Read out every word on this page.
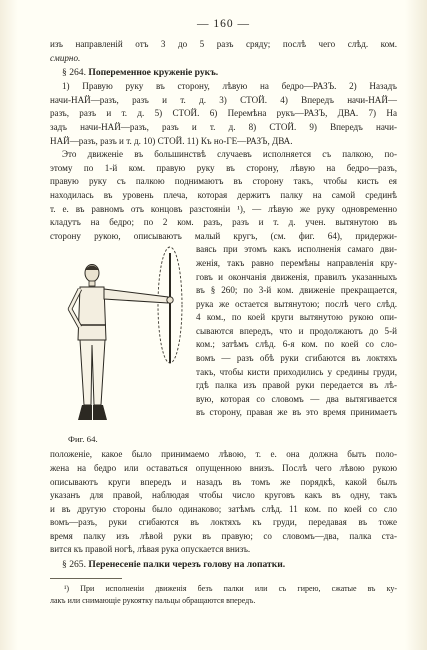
— 160 —
изъ направленій отъ 3 до 5 разъ сряду; послѣ чего слѣд. ком.
смирно.
§ 264. Попеременное круженіе рукъ.
1) Правую руку въ сторону, лѣвую на бедро—РАЗЪ. 2) Назадъ
начи-НАЙ—разъ, разъ и т. д. 3) СТОЙ. 4) Впередъ начи-НАЙ—
разъ, разъ и т. д. 5) СТОЙ. 6) Перемѣна рукъ—РАЗЪ, ДВА. 7) На
задъ начи-НАЙ—разъ, разъ и т. д. 8) СТОЙ. 9) Впередъ начи-
НАЙ—разъ, разъ и т. д. 10) СТОЙ. 11) Къ но-ГЕ—РАЗЪ, ДВА.
Это движеніе въ большинствѣ случаевъ исполняется съ палкою, по-
этому по 1-й ком. правую руку въ сторону, лѣвую на бедро—разъ,
правую руку съ палкою поднимаютъ въ сторону такъ, чтобы кисть ея
находилась въ уровень плеча, которая держитъ палку на самой срединѣ
т. е. въ равномъ отъ концовъ разстояніи ¹), — лѣвую же руку одновременно
кладутъ на бедро; по 2 ком. разъ, разъ и т. д. учен. вытянутою въ
сторону рукою, описываютъ малый кругъ, (см. фиг. 64), придержи-
Фиг. 64.
ваясь при этомъ какъ исполненія самаго дви-
женія, такъ равно перемѣны направленія кру-
говъ и окончанія движенія, правилъ указанныхъ
въ § 260; по 3-й ком. движеніе прекращается,
рука же остается вытянутою; послѣ чего слѣд.
4 ком., по коей круги вытянутою рукою опи-
сываются впередъ, что и продолжаютъ до 5-й
ком.; затѣмъ слѣд. 6-я ком. по коей со сло-
вомъ — разъ обѣ руки сгибаются въ локтяхъ
такъ, чтобы кисти приходились у средины груди,
гдѣ палка изъ правой руки передается въ лѣ-
вую, которая со словомъ — два вытягивается
въ сторону, правая же въ это время принимаетъ
положеніе, какое было принимаемо лѣвою, т. е. она должна быть поло-
жена на бедро или оставаться опущенною внизъ. Послѣ чего лѣвою рукою
описываютъ круги впередъ и назадъ въ томъ же порядкѣ, какой былъ
указанъ для правой, наблюдая чтобы число круговъ какъ въ одну, такъ
и въ другую стороны было одинаково; затѣмъ слѣд. 11 ком. по коей со сло
вомъ—разъ, руки сгибаются въ локтяхъ къ груди, передавая въ тоже
время палку изъ лѣвой руки въ правую; со словомъ—два, палка ста-
вится къ правой ногѣ, лѣвая рука опускается внизъ.
§ 265. Перенесеніе палки черезъ голову на лопатки.
¹) При исполненіи движенія безъ палки или съ гирею, сжатые въ ку-
лакъ или снимающіе рукоятку пальцы обращаются впередъ.
